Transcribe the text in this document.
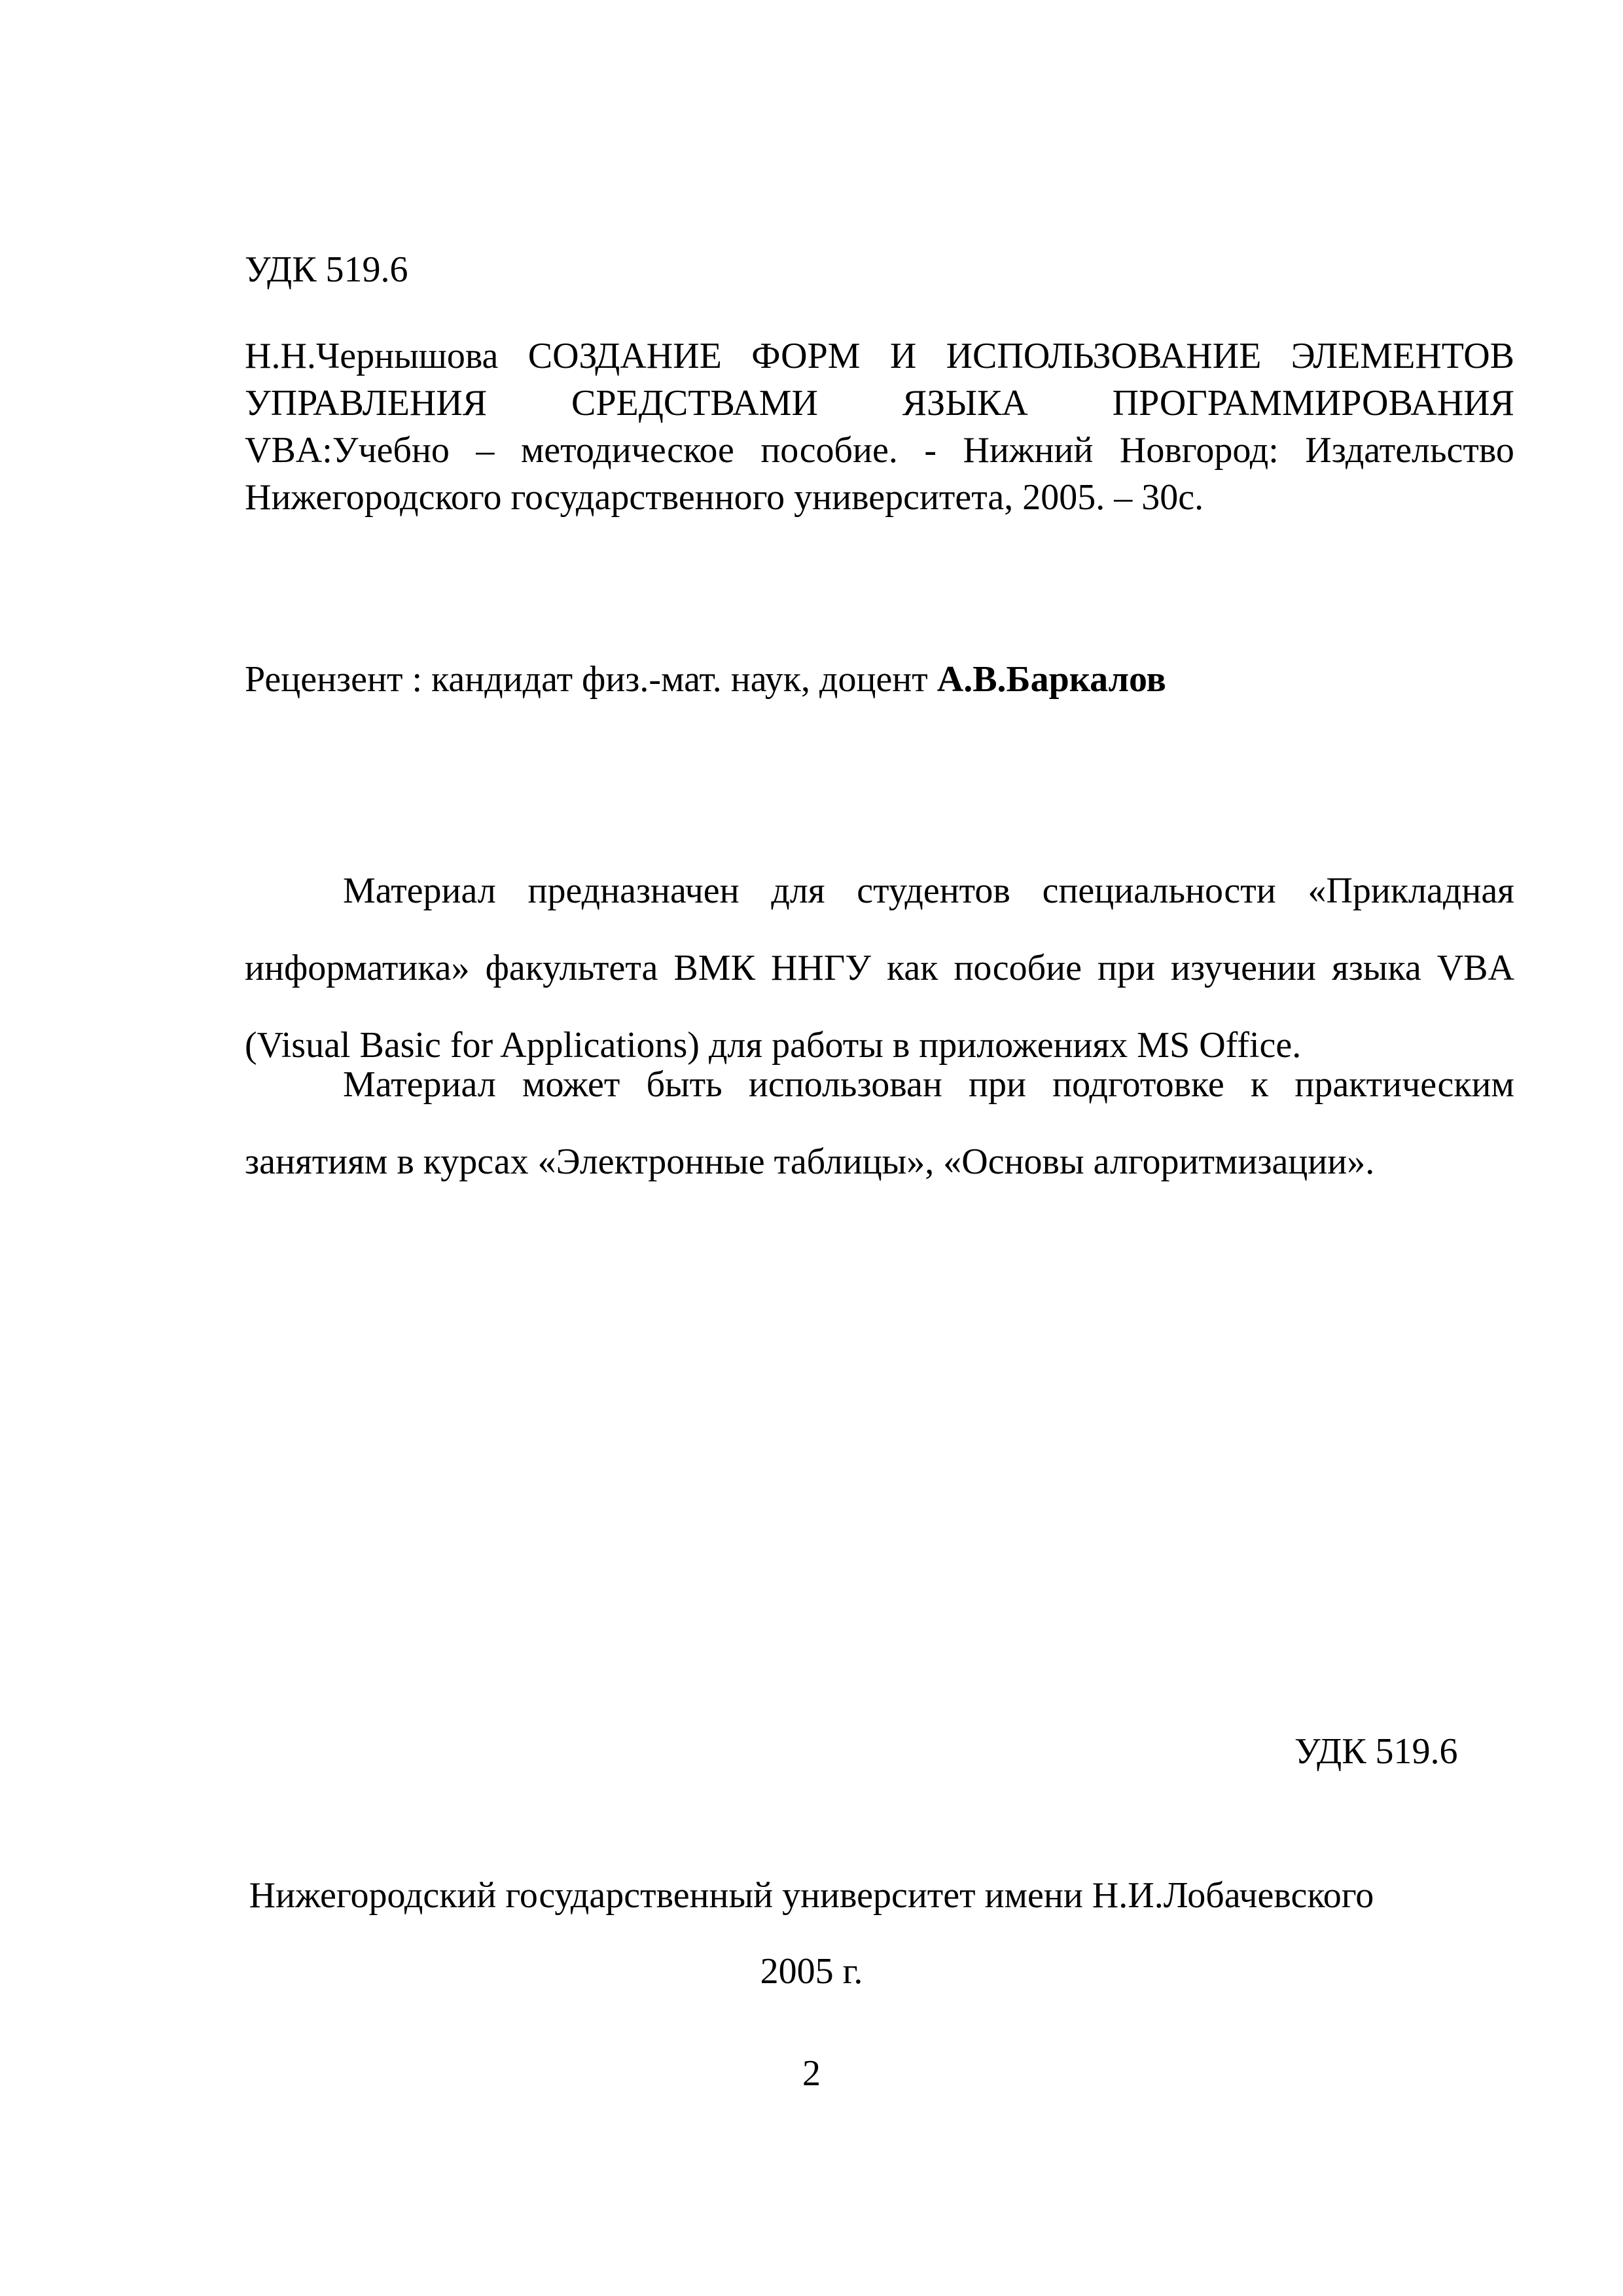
УДК 519.6
Н.Н.Чернышова СОЗДАНИЕ ФОРМ И ИСПОЛЬЗОВАНИЕ ЭЛЕМЕНТОВ
УПРАВЛЕНИЯ СРЕДСТВАМИ ЯЗЫКА ПРОГРАММИРОВАНИЯ
VBA:Учебно – методическое пособие. - Нижний Новгород: Издательство
Нижегородского государственного университета, 2005. – 30с.
Рецензент : кандидат физ.-мат. наук, доцент А.В.Баркалов
Материал предназначен для студентов специальности «Прикладная
информатика» факультета ВМК ННГУ как пособие при изучении языка VBA
(Visual Basic for Applications) для работы в приложениях MS Office.
Материал может быть использован при подготовке к практическим
занятиям в курсах «Электронные таблицы», «Основы алгоритмизации».
УДК 519.6
Нижегородский государственный университет имени Н.И.Лобачевского
2005 г.
2
